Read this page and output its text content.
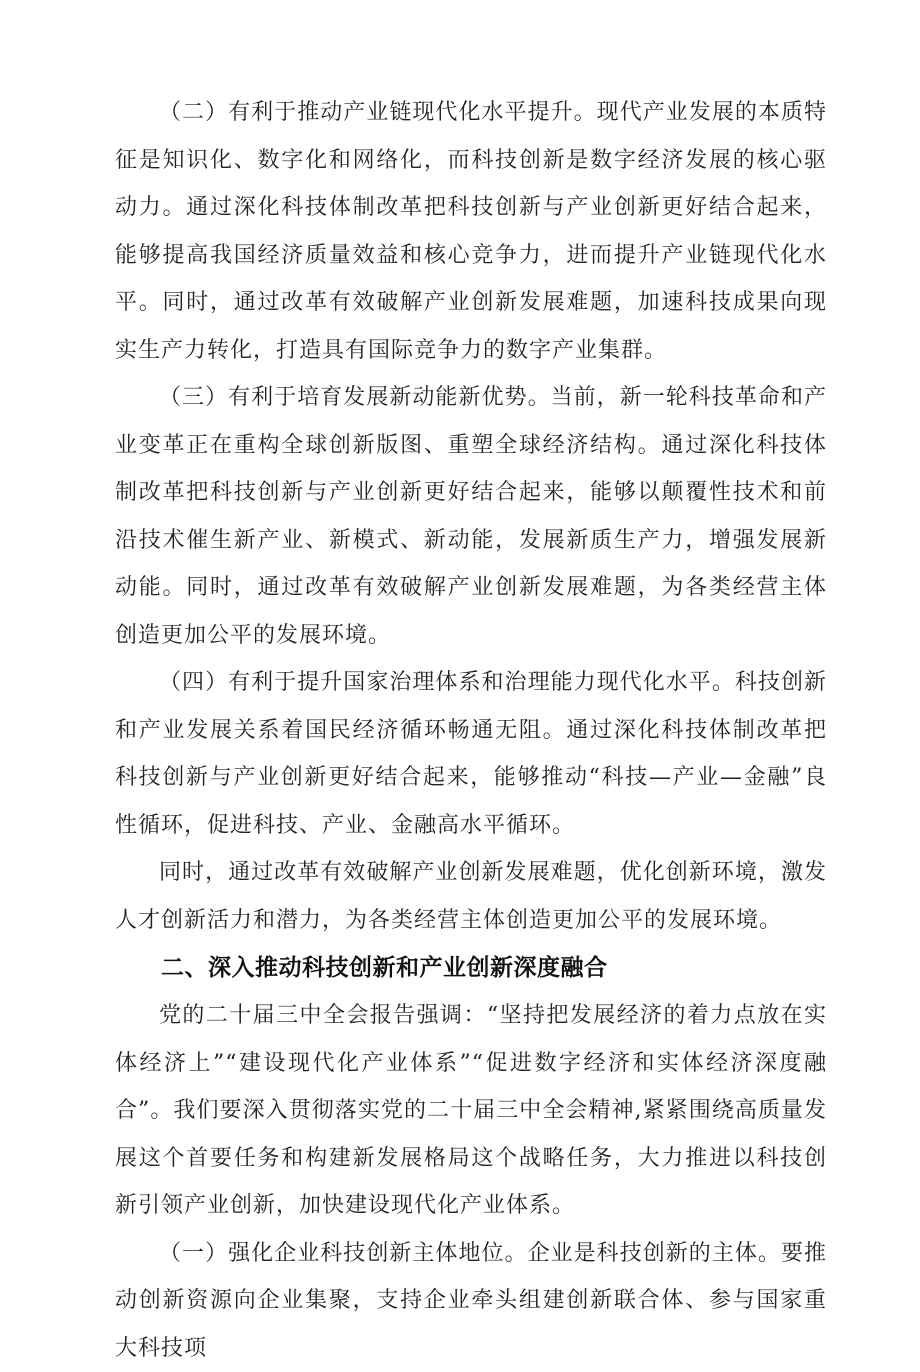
（二）有利于推动产业链现代化水平提升。现代产业发展的本质特征是知识化、数字化和网络化，而科技创新是数字经济发展的核心驱动力。通过深化科技体制改革把科技创新与产业创新更好结合起来，能够提高我国经济质量效益和核心竞争力，进而提升产业链现代化水平。同时，通过改革有效破解产业创新发展难题，加速科技成果向现实生产力转化，打造具有国际竞争力的数字产业集群。

（三）有利于培育发展新动能新优势。当前，新一轮科技革命和产业变革正在重构全球创新版图、重塑全球经济结构。通过深化科技体制改革把科技创新与产业创新更好结合起来，能够以颠覆性技术和前沿技术催生新产业、新模式、新动能，发展新质生产力，增强发展新动能。同时，通过改革有效破解产业创新发展难题，为各类经营主体创造更加公平的发展环境。

（四）有利于提升国家治理体系和治理能力现代化水平。科技创新和产业发展关系着国民经济循环畅通无阻。通过深化科技体制改革把科技创新与产业创新更好结合起来，能够推动“科技—产业—金融”良性循环，促进科技、产业、金融高水平循环。

同时，通过改革有效破解产业创新发展难题，优化创新环境，激发人才创新活力和潜力，为各类经营主体创造更加公平的发展环境。

二、深入推动科技创新和产业创新深度融合

党的二十届三中全会报告强调：“坚持把发展经济的着力点放在实体经济上”“建设现代化产业体系”“促进数字经济和实体经济深度融合”。我们要深入贯彻落实党的二十届三中全会精神,紧紧围绕高质量发展这个首要任务和构建新发展格局这个战略任务，大力推进以科技创新引领产业创新，加快建设现代化产业体系。

（一）强化企业科技创新主体地位。企业是科技创新的主体。要推动创新资源向企业集聚，支持企业牵头组建创新联合体、参与国家重大科技项
